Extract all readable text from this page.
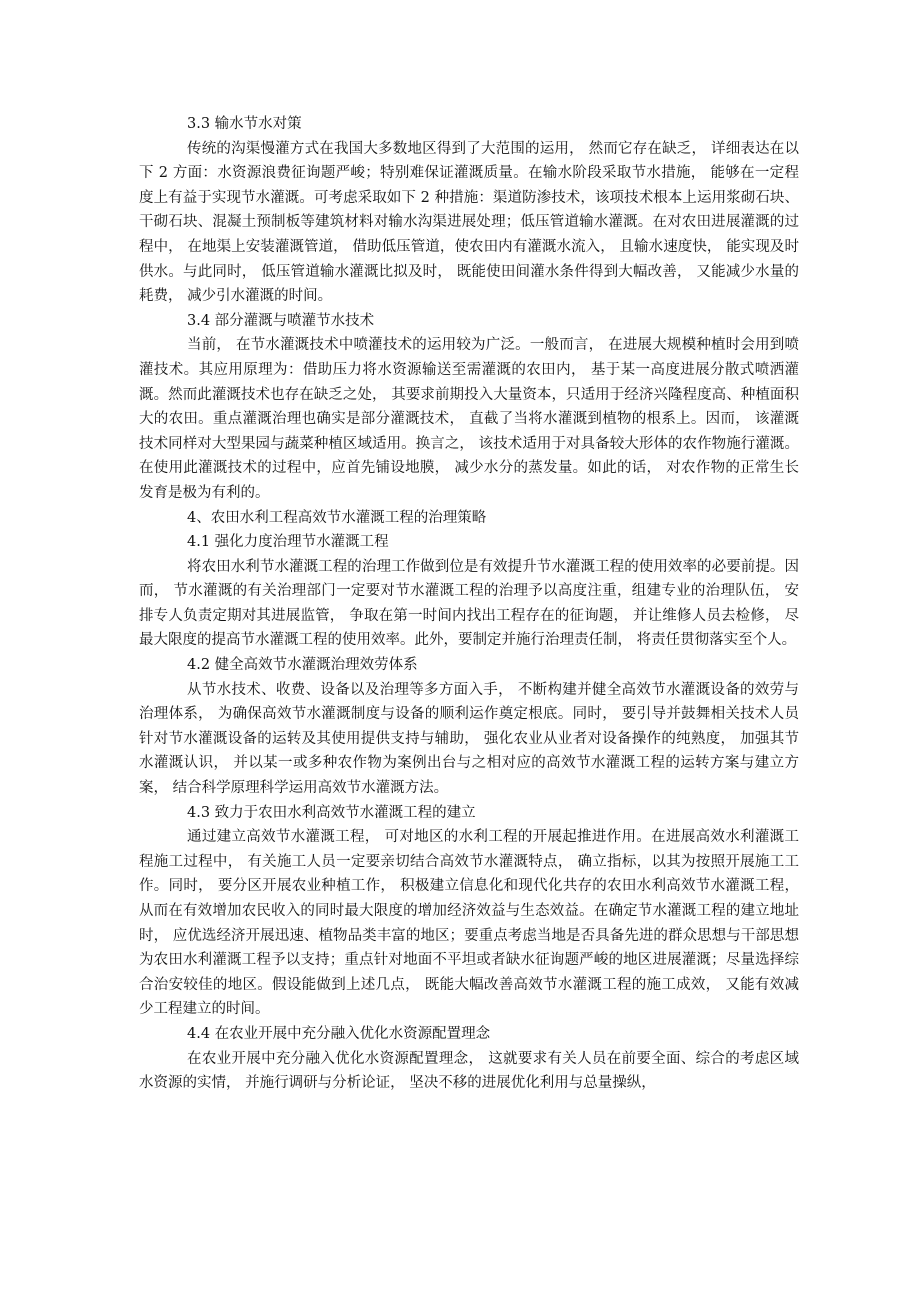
3.3 输水节水对策

传统的沟渠慢灌方式在我国大多数地区得到了大范围的运用， 然而它存在缺乏， 详细表达在以下 2 方面：水资源浪费征询题严峻；特别难保证灌溉质量。在输水阶段采取节水措施， 能够在一定程度上有益于实现节水灌溉。可考虑采取如下 2 种措施：渠道防渗技术，该项技术根本上运用浆砌石块、干砌石块、混凝土预制板等建筑材料对输水沟渠进展处理；低压管道输水灌溉。在对农田进展灌溉的过程中， 在地渠上安装灌溉管道， 借助低压管道，使农田内有灌溉水流入， 且输水速度快， 能实现及时供水。与此同时， 低压管道输水灌溉比拟及时， 既能使田间灌水条件得到大幅改善， 又能减少水量的耗费， 减少引水灌溉的时间。

3.4 部分灌溉与喷灌节水技术

当前， 在节水灌溉技术中喷灌技术的运用较为广泛。一般而言， 在进展大规模种植时会用到喷灌技术。其应用原理为：借助压力将水资源输送至需灌溉的农田内， 基于某一高度进展分散式喷洒灌溉。然而此灌溉技术也存在缺乏之处， 其要求前期投入大量资本，只适用于经济兴隆程度高、种植面积大的农田。重点灌溉治理也确实是部分灌溉技术， 直截了当将水灌溉到植物的根系上。因而， 该灌溉技术同样对大型果园与蔬菜种植区域适用。换言之， 该技术适用于对具备较大形体的农作物施行灌溉。在使用此灌溉技术的过程中，应首先铺设地膜， 减少水分的蒸发量。如此的话， 对农作物的正常生长发育是极为有利的。

4、农田水利工程高效节水灌溉工程的治理策略
4.1 强化力度治理节水灌溉工程

将农田水利节水灌溉工程的治理工作做到位是有效提升节水灌溉工程的使用效率的必要前提。因而， 节水灌溉的有关治理部门一定要对节水灌溉工程的治理予以高度注重，组建专业的治理队伍， 安排专人负责定期对其进展监管， 争取在第一时间内找出工程存在的征询题， 并让维修人员去检修， 尽最大限度的提高节水灌溉工程的使用效率。此外，要制定并施行治理责任制， 将责任贯彻落实至个人。

4.2 健全高效节水灌溉治理效劳体系

从节水技术、收费、设备以及治理等多方面入手， 不断构建并健全高效节水灌溉设备的效劳与治理体系， 为确保高效节水灌溉制度与设备的顺利运作奠定根底。同时， 要引导并鼓舞相关技术人员针对节水灌溉设备的运转及其使用提供支持与辅助， 强化农业从业者对设备操作的纯熟度， 加强其节水灌溉认识， 并以某一或多种农作物为案例出台与之相对应的高效节水灌溉工程的运转方案与建立方案， 结合科学原理科学运用高效节水灌溉方法。

4.3 致力于农田水利高效节水灌溉工程的建立

通过建立高效节水灌溉工程， 可对地区的水利工程的开展起推进作用。在进展高效水利灌溉工程施工过程中， 有关施工人员一定要亲切结合高效节水灌溉特点， 确立指标，以其为按照开展施工工作。同时， 要分区开展农业种植工作， 积极建立信息化和现代化共存的农田水利高效节水灌溉工程， 从而在有效增加农民收入的同时最大限度的增加经济效益与生态效益。在确定节水灌溉工程的建立地址时， 应优选经济开展迅速、植物品类丰富的地区；要重点考虑当地是否具备先进的群众思想与干部思想为农田水利灌溉工程予以支持；重点针对地面不平坦或者缺水征询题严峻的地区进展灌溉；尽量选择综合治安较佳的地区。假设能做到上述几点， 既能大幅改善高效节水灌溉工程的施工成效， 又能有效减少工程建立的时间。

4.4 在农业开展中充分融入优化水资源配置理念

在农业开展中充分融入优化水资源配置理念， 这就要求有关人员在前要全面、综合的考虑区域水资源的实情， 并施行调研与分析论证， 坚决不移的进展优化利用与总量操纵，
